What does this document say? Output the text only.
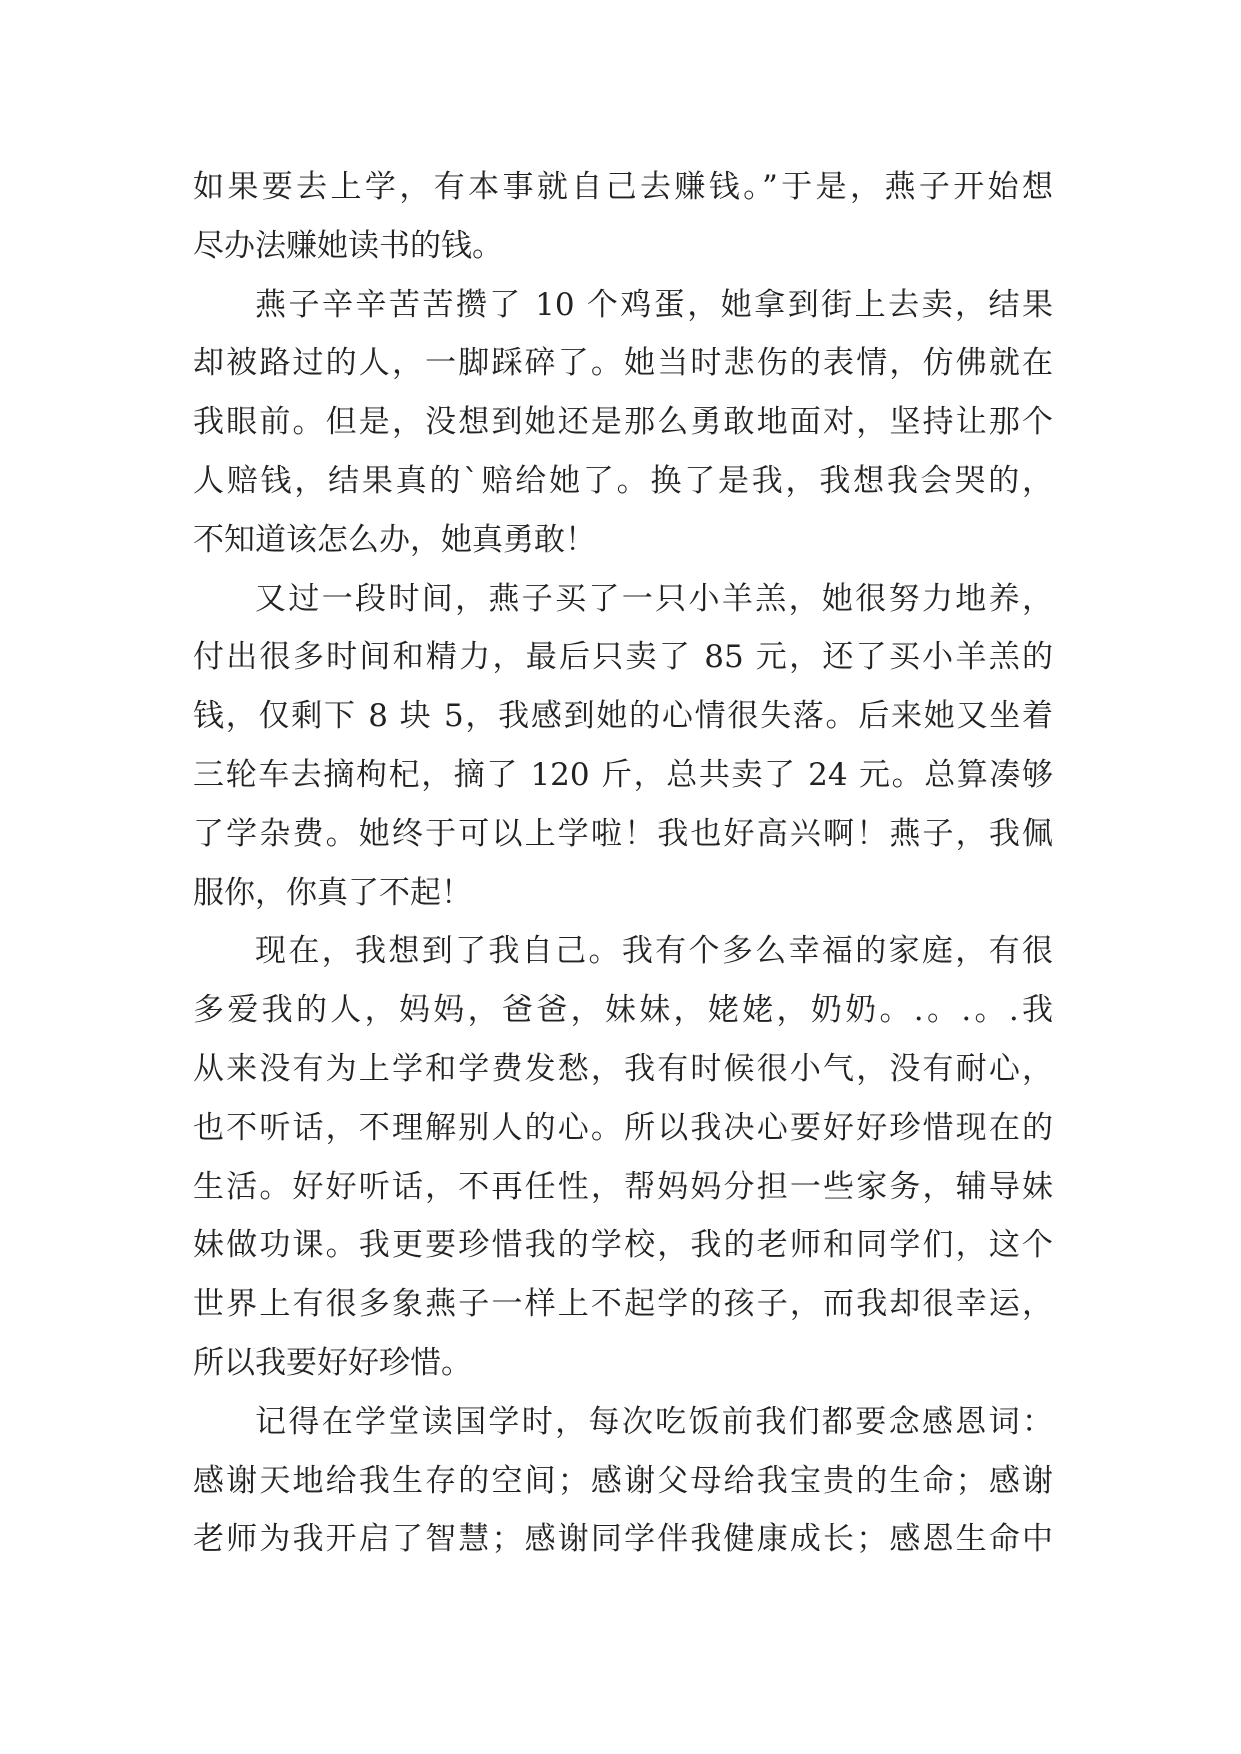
如果要去上学，有本事就自己去赚钱。”于是，燕子开始想
尽办法赚她读书的钱。
燕子辛辛苦苦攒了 10 个鸡蛋，她拿到街上去卖，结果
却被路过的人，一脚踩碎了。她当时悲伤的表情，仿佛就在
我眼前。但是，没想到她还是那么勇敢地面对，坚持让那个
人赔钱，结果真的`赔给她了。换了是我，我想我会哭的，
不知道该怎么办，她真勇敢！
又过一段时间，燕子买了一只小羊羔，她很努力地养，
付出很多时间和精力，最后只卖了 85 元，还了买小羊羔的
钱，仅剩下 8 块 5，我感到她的心情很失落。后来她又坐着
三轮车去摘枸杞，摘了 120 斤，总共卖了 24 元。总算凑够
了学杂费。她终于可以上学啦！我也好高兴啊！燕子，我佩
服你，你真了不起！
现在，我想到了我自己。我有个多么幸福的家庭，有很
多爱我的人，妈妈，爸爸，妹妹，姥姥，奶奶。.。.。.我
从来没有为上学和学费发愁，我有时候很小气，没有耐心，
也不听话，不理解别人的心。所以我决心要好好珍惜现在的
生活。好好听话，不再任性，帮妈妈分担一些家务，辅导妹
妹做功课。我更要珍惜我的学校，我的老师和同学们，这个
世界上有很多象燕子一样上不起学的孩子，而我却很幸运，
所以我要好好珍惜。
记得在学堂读国学时，每次吃饭前我们都要念感恩词：
感谢天地给我生存的空间；感谢父母给我宝贵的生命；感谢
老师为我开启了智慧；感谢同学伴我健康成长；感恩生命中
